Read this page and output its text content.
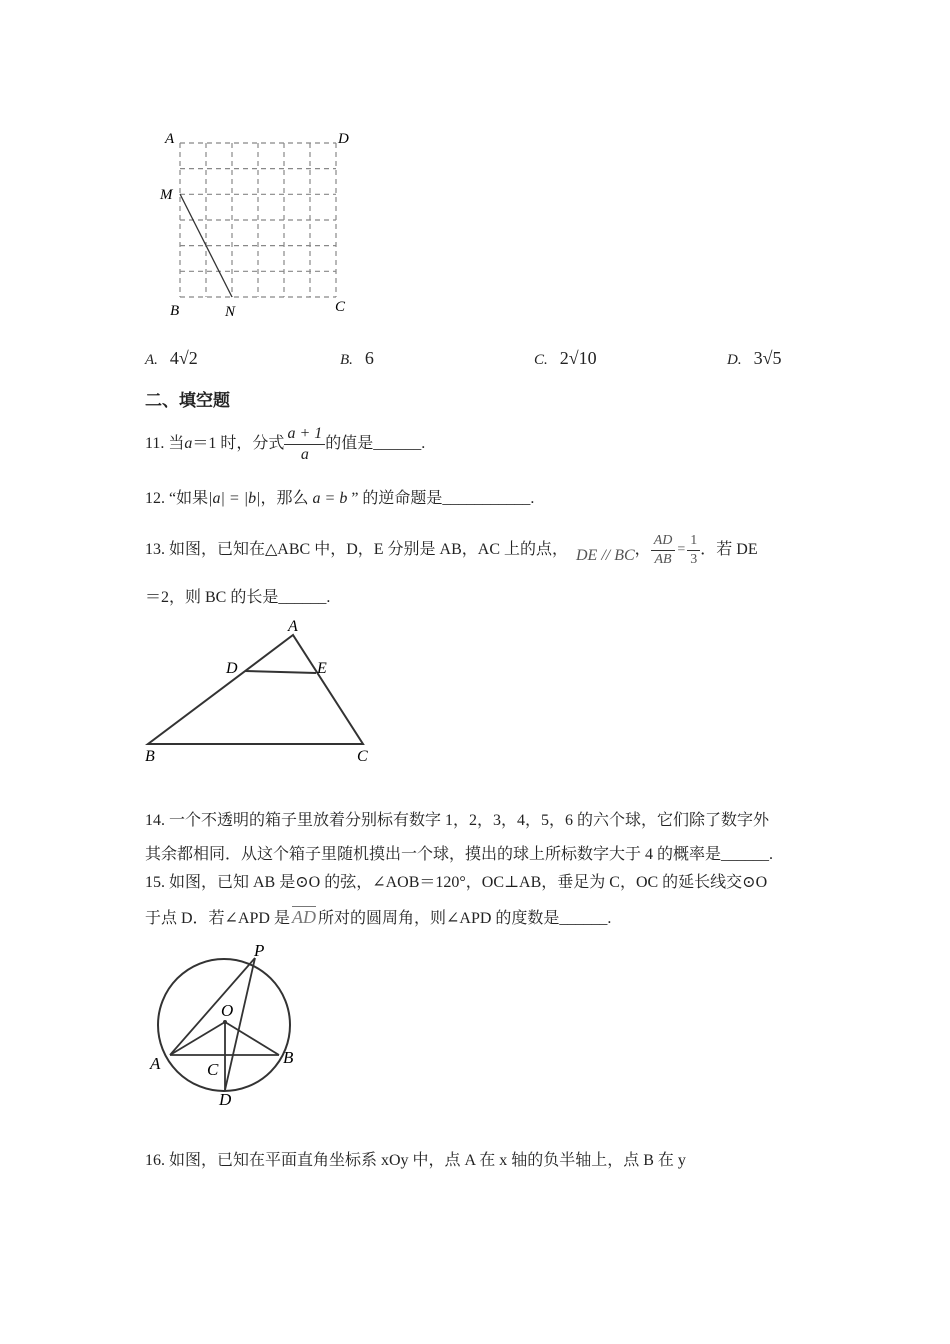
A	D
M
B	N	C
A. 4√2	B. 6	C. 2√10	D. 3√5
二、填空题
11. 当 a ＝1 时，分式 $\frac{a + 1}{a}$ 的值是______.
12. “如果|a| = |b|，那么 a = b ” 的逆命题是___________.
13. 如图，已知在△ABC 中，D，E 分别是 AB，AC 上的点， DE // BC ， $\frac{AD}{AB} = \frac{1}{3}$ ．若 DE
＝2，则 BC 的长是______.
A
D	E
B	C
14. 一个不透明的箱子里放着分别标有数字 1，2，3，4，5，6 的六个球，它们除了数字外
其余都相同．从这个箱子里随机摸出一个球，摸出的球上所标数字大于 4 的概率是______.
15. 如图，已知 AB 是⊙O 的弦，∠AOB＝120°，OC⊥AB，垂足为 C，OC 的延长线交⊙O
于点 D．若∠APD 是 $\overline{AD}$ 所对的圆周角，则∠APD 的度数是______.
P
O
A	C
B
D
16. 如图，已知在平面直角坐标系 xOy 中，点 A 在 x 轴的负半轴上，点 B 在 y
